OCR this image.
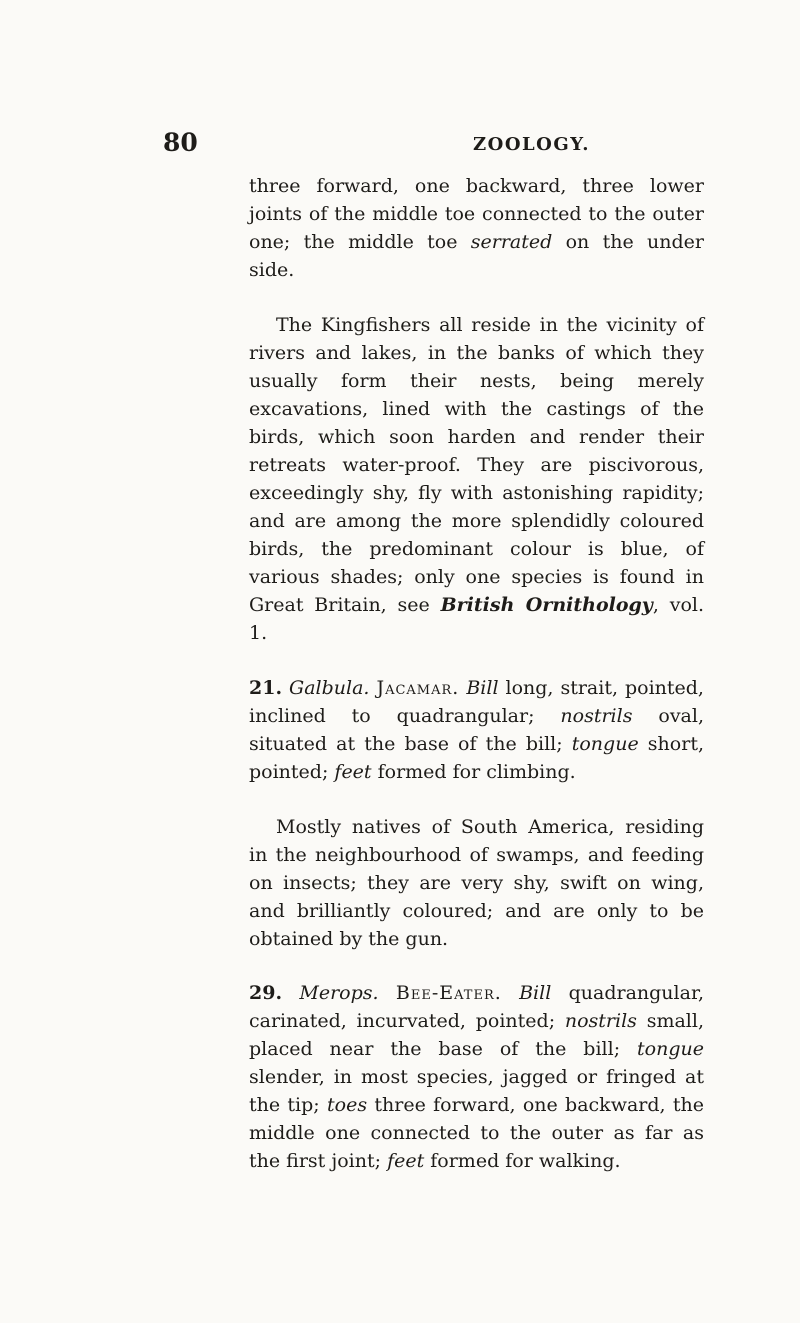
80	ZOOLOGY.

three forward, one backward, three lower joints of the middle toe connected to the outer one; the middle toe serrated on the under side.

The Kingfishers all reside in the vicinity of rivers and lakes, in the banks of which they usually form their nests, being merely excavations, lined with the castings of the birds, which soon harden and render their retreats water-proof. They are piscivorous, exceedingly shy, fly with astonishing rapidity; and are among the more splendidly coloured birds, the predominant colour is blue, of various shades; only one species is found in Great Britain, see British Ornithology, vol. 1.

21. Galbula. Jacamar. Bill long, strait, pointed, inclined to quadrangular; nostrils oval, situated at the base of the bill; tongue short, pointed; feet formed for climbing.

Mostly natives of South America, residing in the neighbourhood of swamps, and feeding on insects; they are very shy, swift on wing, and brilliantly coloured; and are only to be obtained by the gun.

29. Merops. Bee-Eater. Bill quadrangular, carinated, incurvated, pointed; nostrils small, placed near the base of the bill; tongue slender, in most species, jagged or fringed at the tip; toes three forward, one backward, the middle one connected to the outer as far as the first joint; feet formed for walking.
